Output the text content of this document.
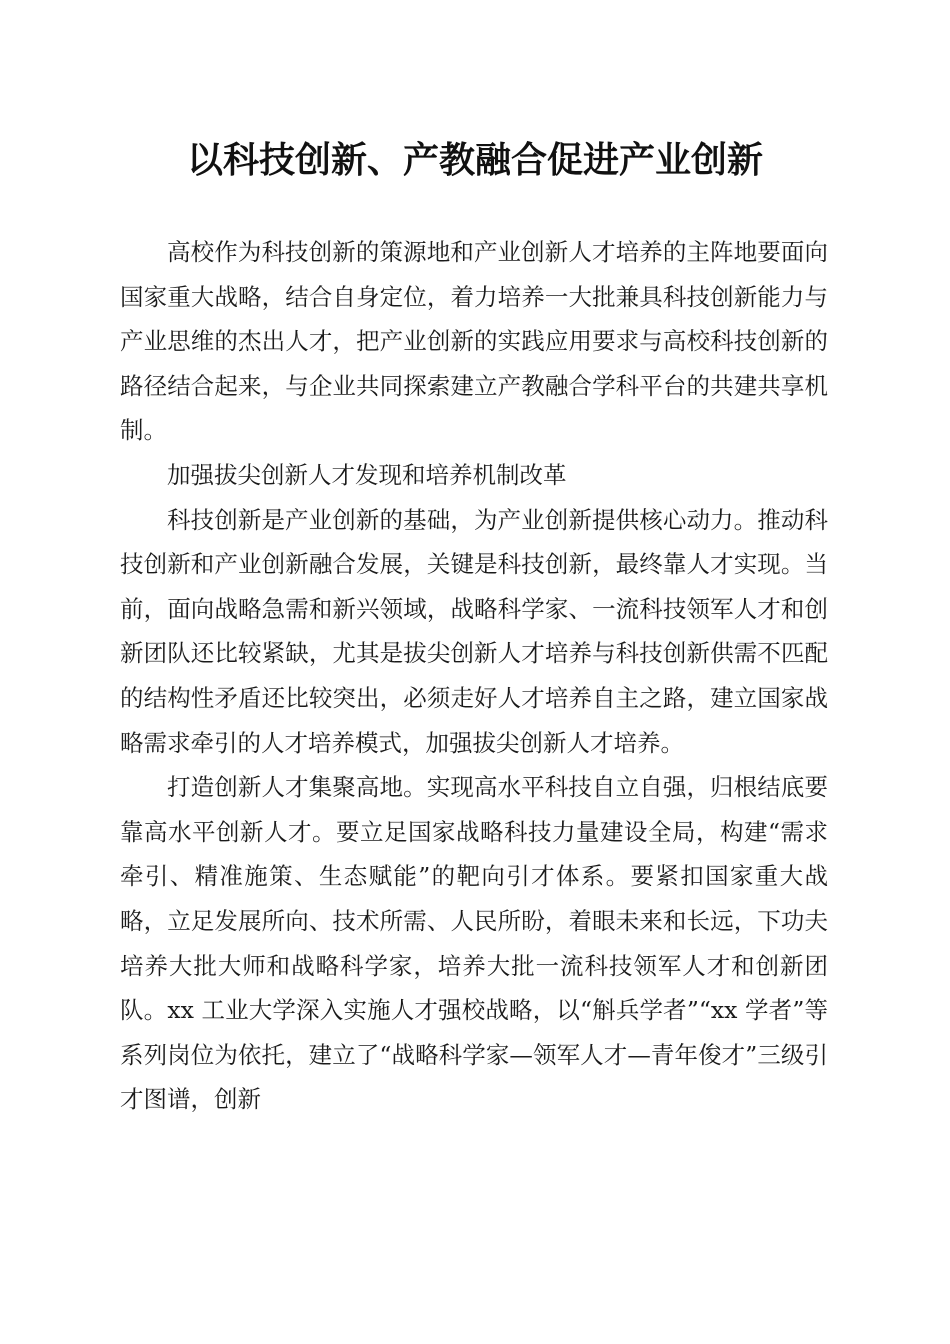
以科技创新、产教融合促进产业创新

高校作为科技创新的策源地和产业创新人才培养的主阵地要面向国家重大战略，结合自身定位，着力培养一大批兼具科技创新能力与产业思维的杰出人才，把产业创新的实践应用要求与高校科技创新的路径结合起来，与企业共同探索建立产教融合学科平台的共建共享机制。

加强拔尖创新人才发现和培养机制改革

科技创新是产业创新的基础，为产业创新提供核心动力。推动科技创新和产业创新融合发展，关键是科技创新，最终靠人才实现。当前，面向战略急需和新兴领域，战略科学家、一流科技领军人才和创新团队还比较紧缺，尤其是拔尖创新人才培养与科技创新供需不匹配的结构性矛盾还比较突出，必须走好人才培养自主之路，建立国家战略需求牵引的人才培养模式，加强拔尖创新人才培养。

打造创新人才集聚高地。实现高水平科技自立自强，归根结底要靠高水平创新人才。要立足国家战略科技力量建设全局，构建“需求牵引、精准施策、生态赋能”的靶向引才体系。要紧扣国家重大战略，立足发展所向、技术所需、人民所盼，着眼未来和长远，下功夫培养大批大师和战略科学家，培养大批一流科技领军人才和创新团队。xx 工业大学深入实施人才强校战略，以“斛兵学者”“xx 学者”等系列岗位为依托，建立了“战略科学家—领军人才—青年俊才”三级引才图谱，创新
